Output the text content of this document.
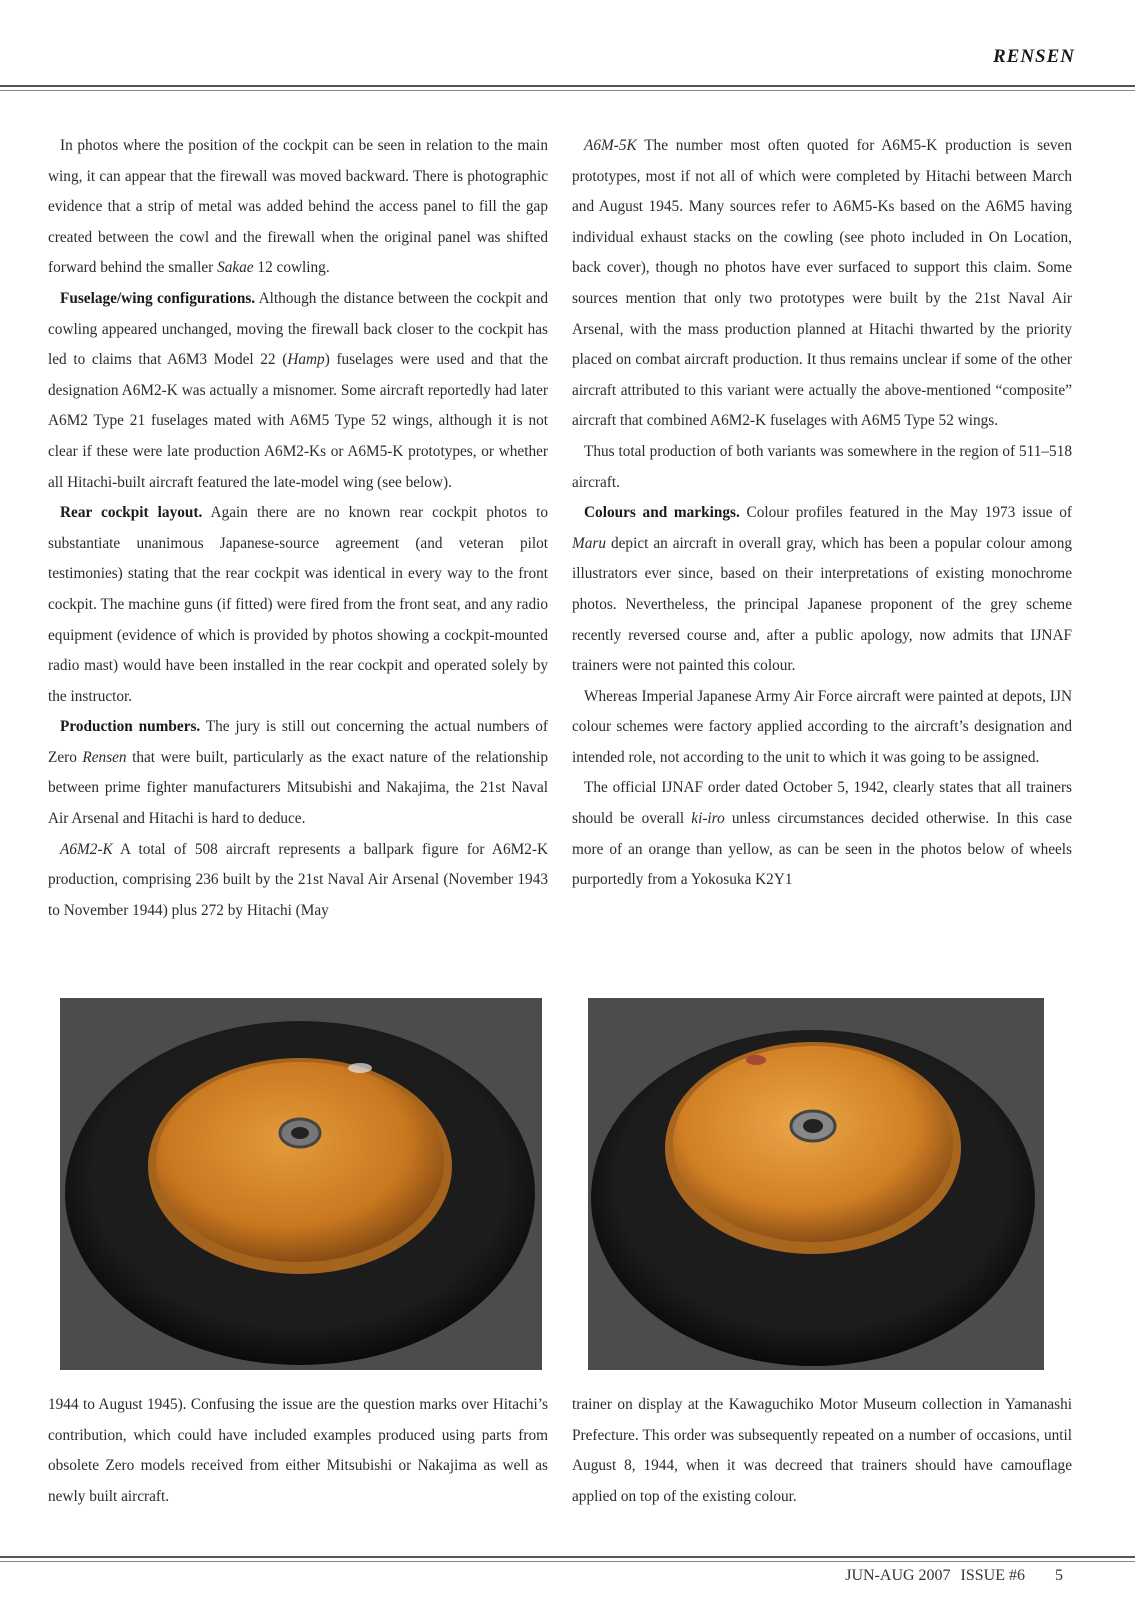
RENSEN

In photos where the position of the cockpit can be seen in relation to the main wing, it can appear that the firewall was moved backward. There is photographic evidence that a strip of metal was added behind the access panel to fill the gap created between the cowl and the firewall when the original panel was shifted forward behind the smaller Sakae 12 cowling.

Fuselage/wing configurations. Although the distance between the cockpit and cowling appeared unchanged, moving the firewall back closer to the cockpit has led to claims that A6M3 Model 22 (Hamp) fuselages were used and that the designation A6M2-K was actually a misnomer. Some aircraft reportedly had later A6M2 Type 21 fuselages mated with A6M5 Type 52 wings, although it is not clear if these were late production A6M2-Ks or A6M5-K prototypes, or whether all Hitachi-built aircraft featured the late-model wing (see below).

Rear cockpit layout. Again there are no known rear cockpit photos to substantiate unanimous Japanese-source agreement (and veteran pilot testimonies) stating that the rear cockpit was identical in every way to the front cockpit. The machine guns (if fitted) were fired from the front seat, and any radio equipment (evidence of which is provided by photos showing a cockpit-mounted radio mast) would have been installed in the rear cockpit and operated solely by the instructor.

Production numbers. The jury is still out concerning the actual numbers of Zero Rensen that were built, particularly as the exact nature of the relationship between prime fighter manufacturers Mitsubishi and Nakajima, the 21st Naval Air Arsenal and Hitachi is hard to deduce.

A6M2-K A total of 508 aircraft represents a ballpark figure for A6M2-K production, comprising 236 built by the 21st Naval Air Arsenal (November 1943 to November 1944) plus 272 by Hitachi (May

A6M-5K The number most often quoted for A6M5-K production is seven prototypes, most if not all of which were completed by Hitachi between March and August 1945. Many sources refer to A6M5-Ks based on the A6M5 having individual exhaust stacks on the cowling (see photo included in On Location, back cover), though no photos have ever surfaced to support this claim. Some sources mention that only two prototypes were built by the 21st Naval Air Arsenal, with the mass production planned at Hitachi thwarted by the priority placed on combat aircraft production. It thus remains unclear if some of the other aircraft attributed to this variant were actually the above-mentioned “composite” aircraft that combined A6M2-K fuselages with A6M5 Type 52 wings.

Thus total production of both variants was somewhere in the region of 511–518 aircraft.

Colours and markings. Colour profiles featured in the May 1973 issue of Maru depict an aircraft in overall gray, which has been a popular colour among illustrators ever since, based on their interpretations of existing monochrome photos. Nevertheless, the principal Japanese proponent of the grey scheme recently reversed course and, after a public apology, now admits that IJNAF trainers were not painted this colour.

Whereas Imperial Japanese Army Air Force aircraft were painted at depots, IJN colour schemes were factory applied according to the aircraft’s designation and intended role, not according to the unit to which it was going to be assigned.

The official IJNAF order dated October 5, 1942, clearly states that all trainers should be overall ki-iro unless circumstances decided otherwise. In this case more of an orange than yellow, as can be seen in the photos below of wheels purportedly from a Yokosuka K2Y1

1944 to August 1945). Confusing the issue are the question marks over Hitachi’s contribution, which could have included examples produced using parts from obsolete Zero models received from either Mitsubishi or Nakajima as well as newly built aircraft.

trainer on display at the Kawaguchiko Motor Museum collection in Yamanashi Prefecture. This order was subsequently repeated on a number of occasions, until August 8, 1944, when it was decreed that trainers should have camouflage applied on top of the existing colour.

JUN-AUG 2007 ISSUE #6 5
